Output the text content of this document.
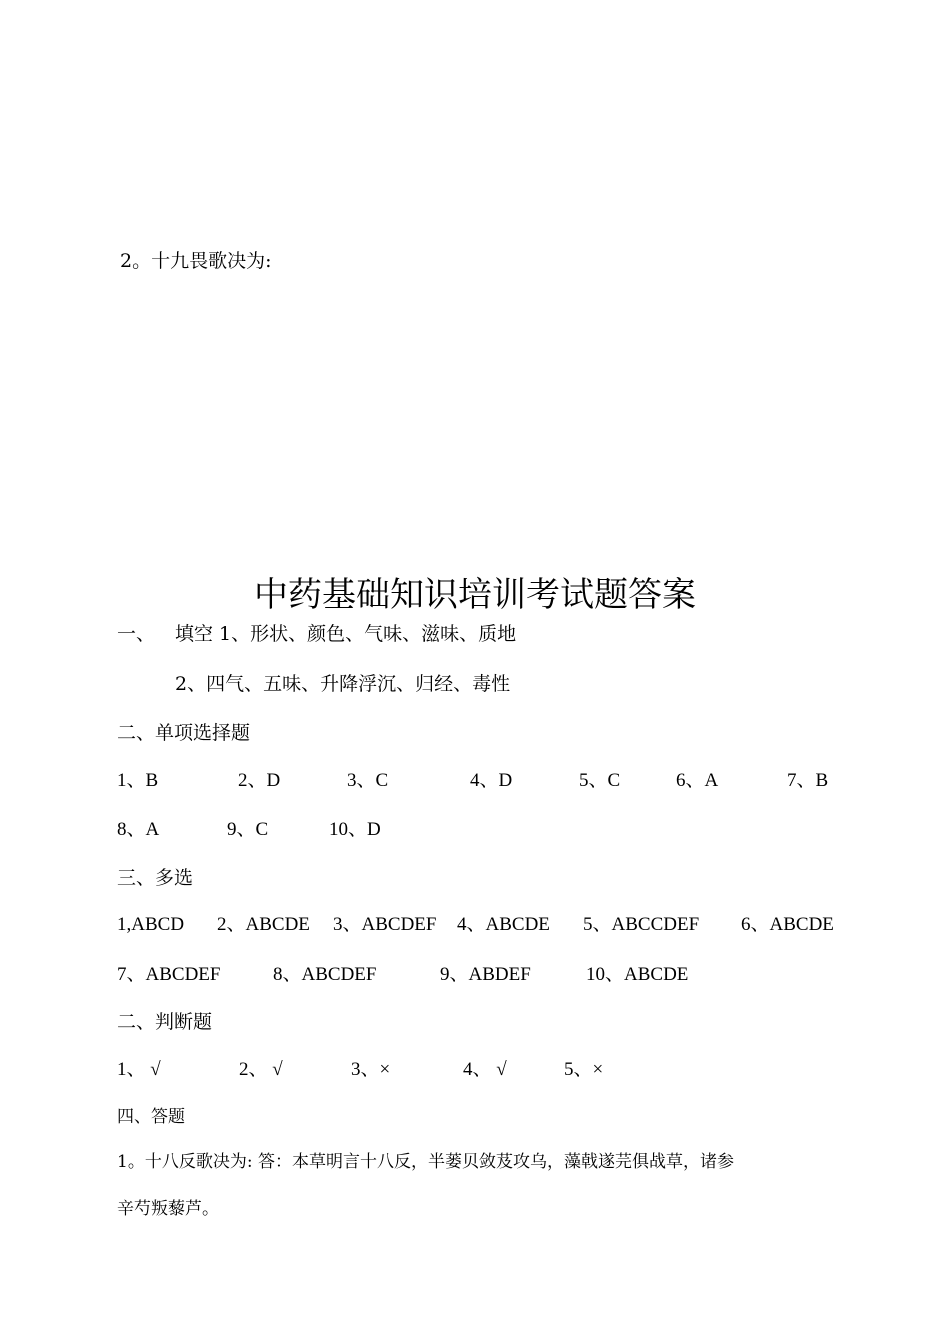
2。十九畏歌决为:
中药基础知识培训考试题答案
一、 填空 1、形状、颜色、气味、滋味、质地
2、四气、五味、升降浮沉、归经、毒性
二、单项选择题
1、B	2、D	3、C	4、D	5、C	6、A	7、B
8、A	9、C	10、D
三、多选
1,ABCD 2、ABCDE 3、ABCDEF 4、ABCDE 5、ABCCDEF 6、ABCDE
7、ABCDEF	8、ABCDEF	9、ABDEF	10、ABCDE
二、判断题
1、 √	2、 √	3、×	4、 √	5、×
四、答题
1。十八反歌决为: 答：本草明言十八反，半蒌贝敛芨攻乌，藻戟遂芫俱战草，诸参
辛芍叛藜芦。
